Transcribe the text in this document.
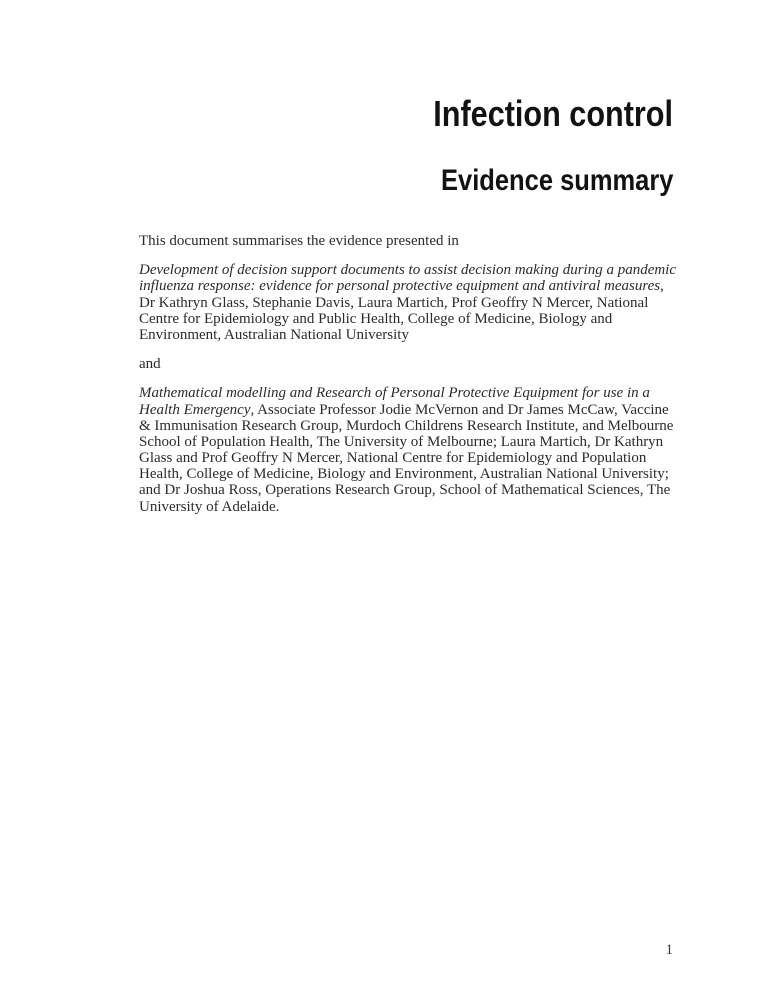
Infection control
Evidence summary
This document summarises the evidence presented in
Development of decision support documents to assist decision making during a pandemic
influenza response: evidence for personal protective equipment and antiviral measures,
Dr Kathryn Glass, Stephanie Davis, Laura Martich, Prof Geoffry N Mercer, National
Centre for Epidemiology and Public Health, College of Medicine, Biology and
Environment, Australian National University
and
Mathematical modelling and Research of Personal Protective Equipment for use in a
Health Emergency, Associate Professor Jodie McVernon and Dr James McCaw, Vaccine
& Immunisation Research Group, Murdoch Childrens Research Institute, and Melbourne
School of Population Health, The University of Melbourne; Laura Martich, Dr Kathryn
Glass and Prof Geoffry N Mercer, National Centre for Epidemiology and Population
Health, College of Medicine, Biology and Environment, Australian National University;
and Dr Joshua Ross, Operations Research Group, School of Mathematical Sciences, The
University of Adelaide.
1
